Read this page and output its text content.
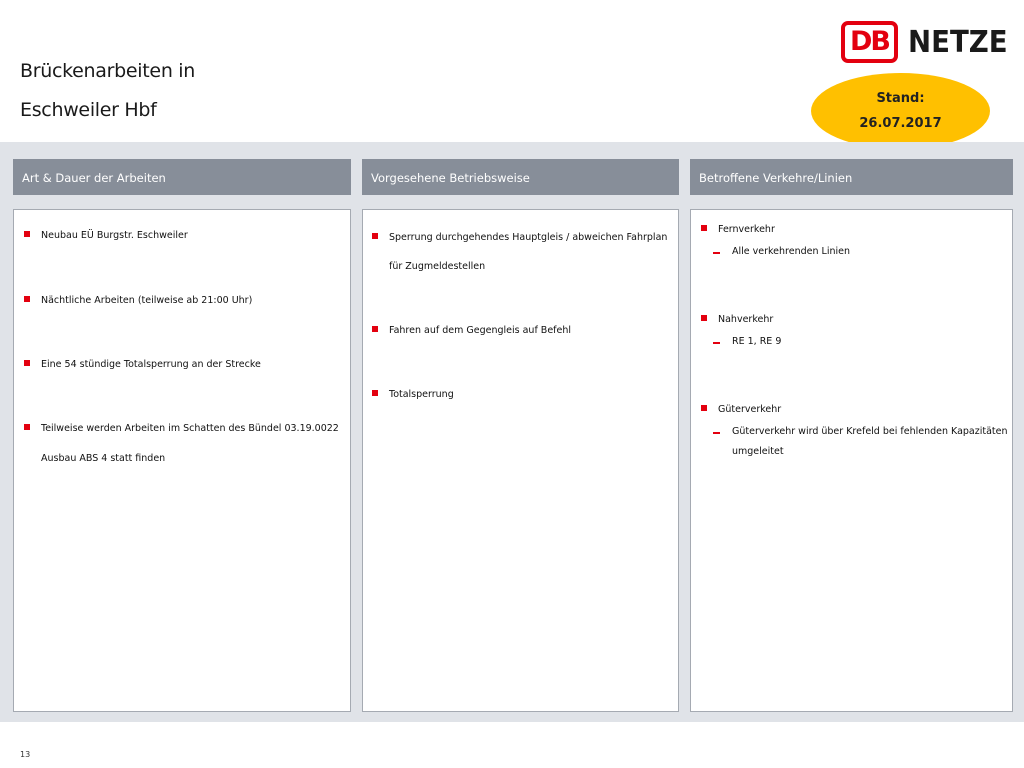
Brückenarbeiten in
Eschweiler Hbf
DB NETZE
Stand:
26.07.2017
Art & Dauer der Arbeiten
Neubau EÜ Burgstr. Eschweiler
Nächtliche Arbeiten (teilweise ab 21:00 Uhr)
Eine 54 stündige Totalsperrung an der Strecke
Teilweise werden Arbeiten im Schatten des Bündel 03.19.0022
Ausbau ABS 4 statt finden
Vorgesehene Betriebsweise
Sperrung durchgehendes Hauptgleis / abweichen Fahrplan
für Zugmeldestellen
Fahren auf dem Gegengleis auf Befehl
Totalsperrung
Betroffene Verkehre/Linien
Fernverkehr
Alle verkehrenden Linien
Nahverkehr
RE 1, RE 9
Güterverkehr
Güterverkehr wird über Krefeld bei fehlenden Kapazitäten
umgeleitet
13
